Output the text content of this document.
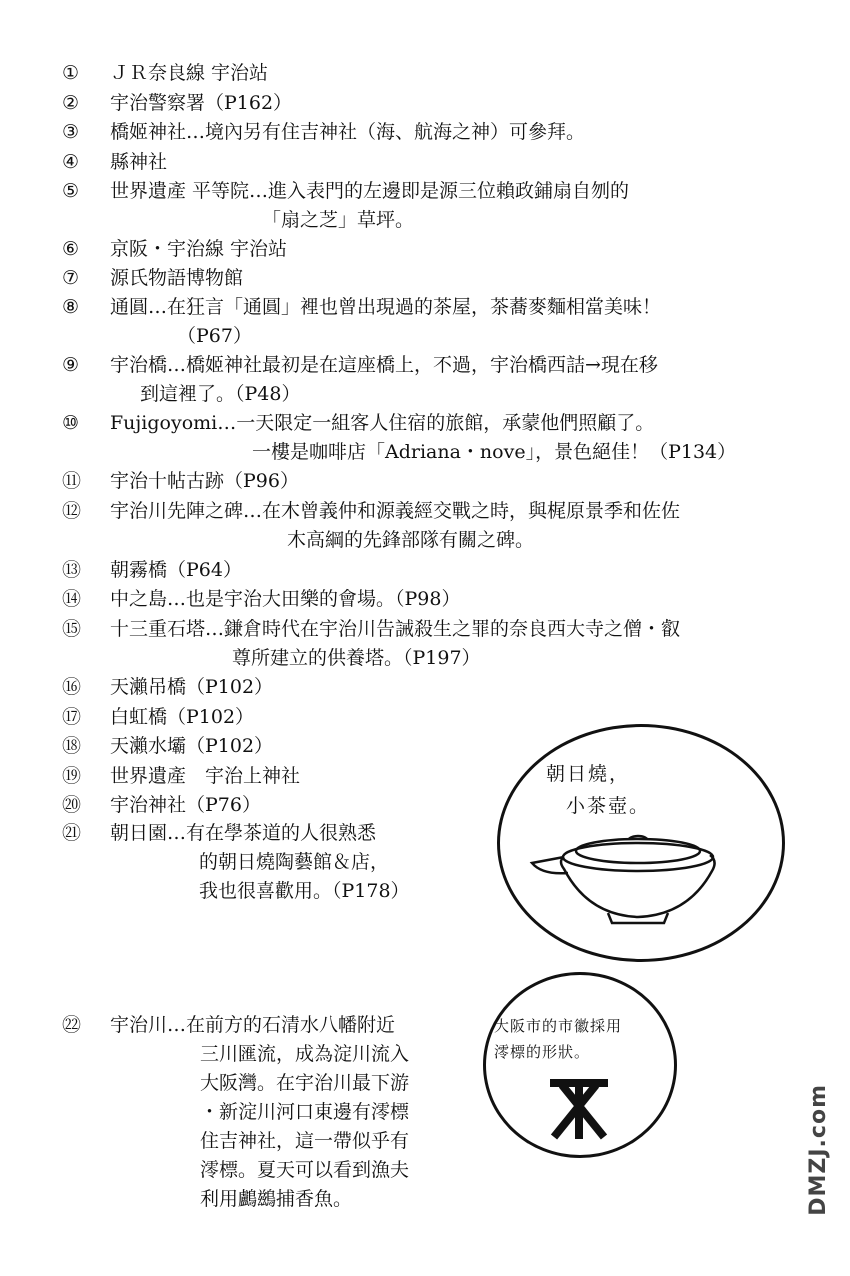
①	ＪＲ奈良線 宇治站
②	宇治警察署（P162）
③	橋姬神社…境內另有住吉神社（海、航海之神）可參拜。
④	縣神社
⑤	世界遺產 平等院…進入表門的左邊即是源三位賴政鋪扇自刎的
「扇之芝」草坪。
⑥	京阪・宇治線 宇治站
⑦	源氏物語博物館
⑧	通圓…在狂言「通圓」裡也曾出現過的茶屋，茶蕎麥麵相當美味！
（P67）
⑨	宇治橋…橋姬神社最初是在這座橋上，不過，宇治橋西詰→現在移
到這裡了。（P48）
⑩	Fujigoyomi…一天限定一組客人住宿的旅館，承蒙他們照顧了。
一樓是咖啡店「Adriana・nove」，景色絕佳！（P134）
⑪	宇治十帖古跡（P96）
⑫	宇治川先陣之碑…在木曾義仲和源義經交戰之時，與梶原景季和佐佐
木高綱的先鋒部隊有關之碑。
⑬	朝霧橋（P64）
⑭	中之島…也是宇治大田樂的會場。（P98）
⑮	十三重石塔…鎌倉時代在宇治川告誡殺生之罪的奈良西大寺之僧・叡
尊所建立的供養塔。（P197）
⑯	天瀨吊橋（P102）
⑰	白虹橋（P102）
⑱	天瀨水壩（P102）
⑲	世界遺產　宇治上神社
⑳	宇治神社（P76）
㉑	朝日園…有在學茶道的人很熟悉
的朝日燒陶藝館＆店，
我也很喜歡用。（P178）
㉒	宇治川…在前方的石清水八幡附近
三川匯流，成為淀川流入
大阪灣。在宇治川最下游
・新淀川河口東邊有澪標
住吉神社，這一帶似乎有
澪標。夏天可以看到漁夫
利用鸕鷀捕香魚。
朝日燒，
小茶壺。
大阪市的市徽採用
澪標的形狀。
DMZJ.com
